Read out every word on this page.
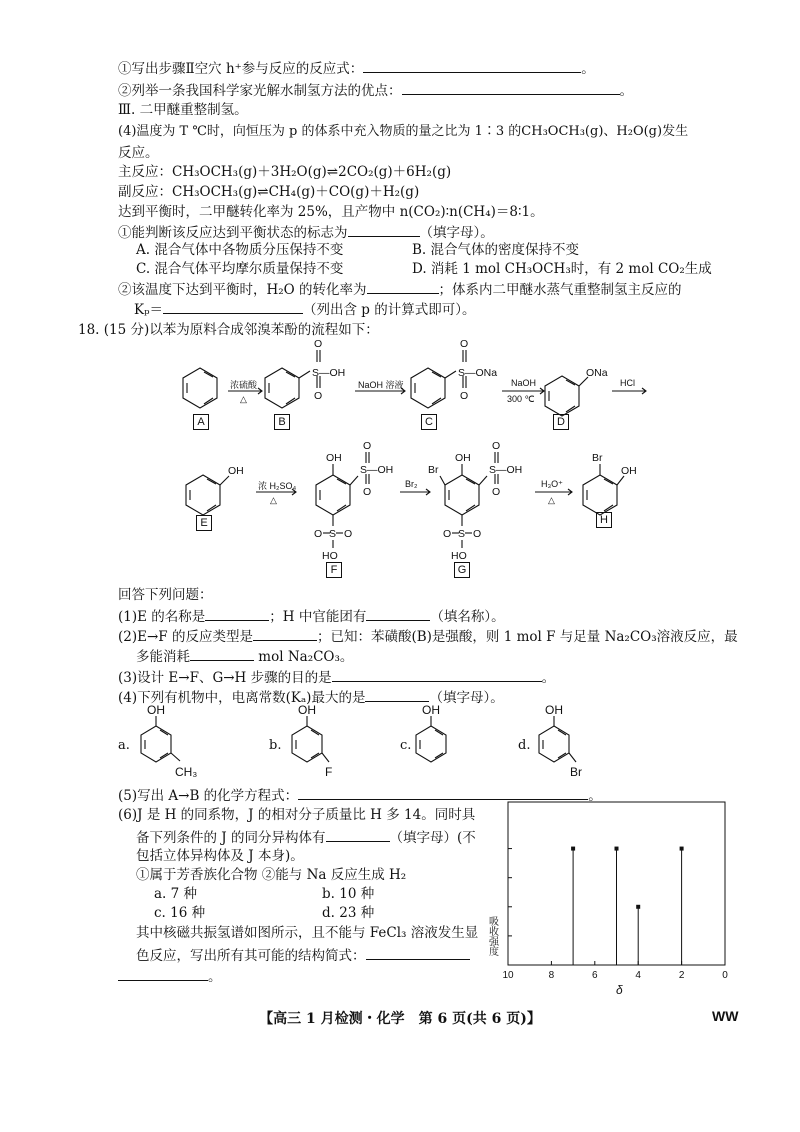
①写出步骤Ⅱ空穴 h⁺参与反应的反应式：	。
②列举一条我国科学家光解水制氢方法的优点：	。
Ⅲ. 二甲醚重整制氢。
(4)温度为 T ℃时，向恒压为 p 的体系中充入物质的量之比为 1∶3 的CH₃OCH₃(g)、H₂O(g)发生
反应。
主反应：CH₃OCH₃(g)＋3H₂O(g)⇌2CO₂(g)＋6H₂(g)
副反应：CH₃OCH₃(g)⇌CH₄(g)＋CO(g)＋H₂(g)
达到平衡时，二甲醚转化率为 25%，且产物中 n(CO₂)∶n(CH₄)＝8∶1。
①能判断该反应达到平衡状态的标志为	（填字母）。
A. 混合气体中各物质分压保持不变	B. 混合气体的密度保持不变
C. 混合气体平均摩尔质量保持不变	D. 消耗 1 mol CH₃OCH₃时，有 2 mol CO₂生成
②该温度下达到平衡时，H₂O 的转化率为	；体系内二甲醚水蒸气重整制氢主反应的
Kₚ＝	（列出含 p 的计算式即可）。
18. (15 分)以苯为原料合成邻溴苯酚的流程如下：
S—OH
O
O
S—ONa
O
O
ONa
OH
OH
S—OH
O
O
S
O O
HO
OH
Br	S—OH
O
O
S
O O
HO
Br
OH
浓硫酸
△
NaOH 溶液	NaOH
300 ℃
HCl
浓 H₂SO₄
△
Br₂	H₃O⁺
△
A	B	C	D
E
F	G
H
回答下列问题：
(1)E 的名称是	；H 中官能团有	（填名称）。
(2)E→F 的反应类型是	；已知：苯磺酸(B)是强酸，则 1 mol F 与足量 Na₂CO₃溶液反应，最
多能消耗	mol Na₂CO₃。
(3)设计 E→F、G→H 步骤的目的是	。
(4)下列有机物中，电离常数(Kₐ)最大的是	（填字母）。
OH
CH₃
OH
F
OH	OH
Br
a.	b.	c.	d.
(5)写出 A→B 的化学方程式：	。
(6)J 是 H 的同系物，J 的相对分子质量比 H 多 14。同时具
备下列条件的 J 的同分异构体有	（填字母）(不
包括立体异构体及 J 本身)。
①属于芳香族化合物 ②能与 Na 反应生成 H₂
a. 7 种	b. 10 种
c. 16 种	d. 23 种
其中核磁共振氢谱如图所示，且不能与 FeCl₃ 溶液发生显
色反应，写出所有其可能的结构简式：
。	10	8	6	4	2	0
吸收强度
δ
【高三 1 月检测・化学　第 6 页(共 6 页)】	WW
